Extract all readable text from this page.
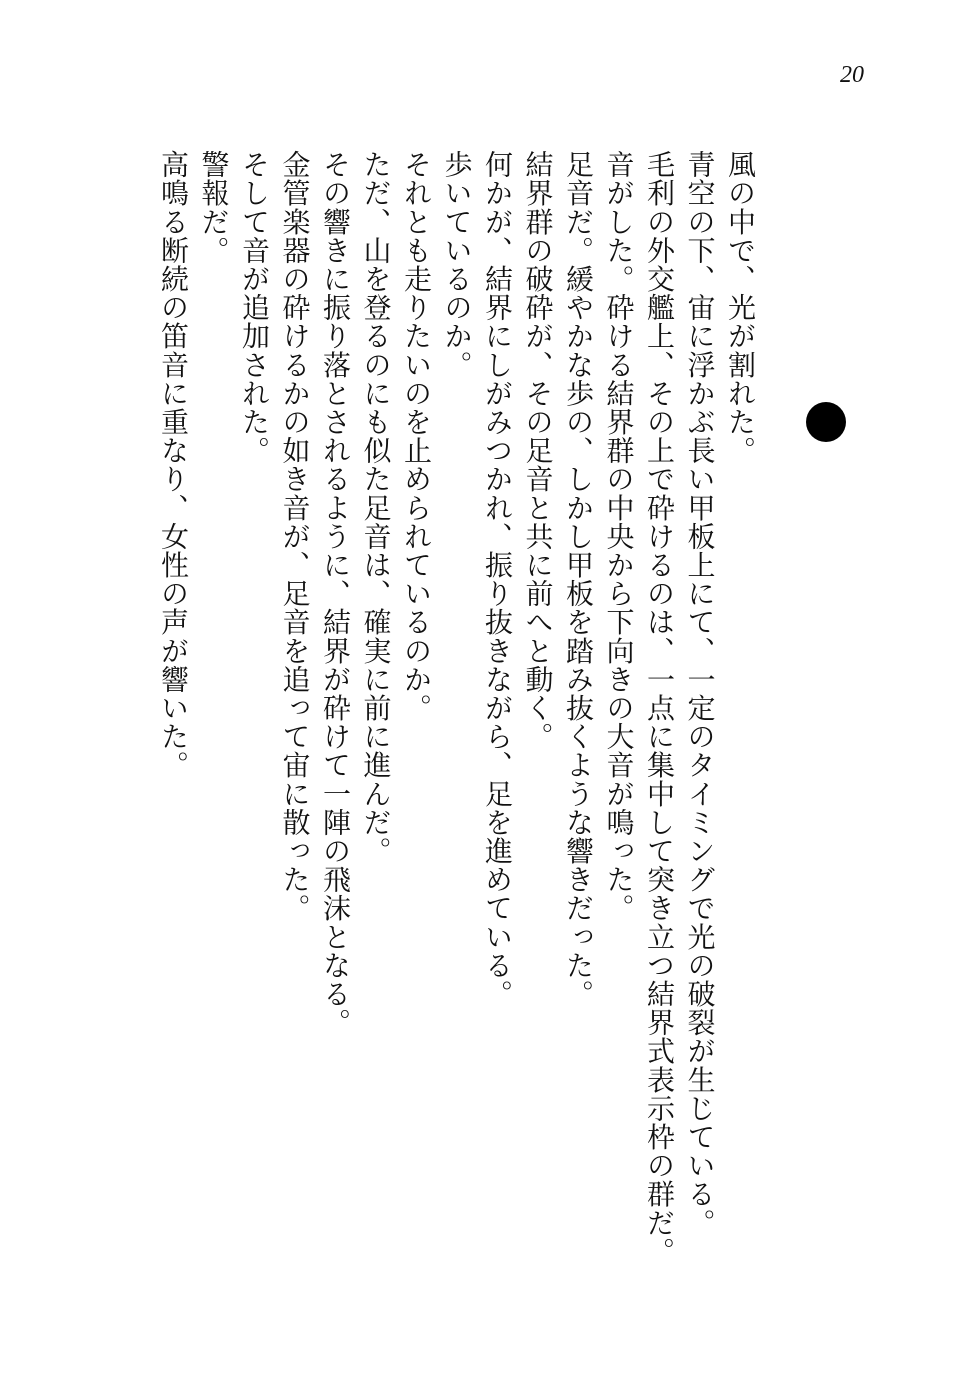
20

風の中で、光が割れた。

青空の下、宙に浮かぶ長い甲板上にて、一定のタイミングで光の破裂が生じている。

毛利の外交艦上、その上で砕けるのは、一点に集中して突き立つ結界式表示枠の群だ。

音がした。砕ける結界群の中央から下向きの大音が鳴った。

足音だ。緩やかな歩の、しかし甲板を踏み抜くような響きだった。

結界群の破砕が、その足音と共に前へと動く。

何かが、結界にしがみつかれ、振り抜きながら、足を進めている。

歩いているのか。

それとも走りたいのを止められているのか。

ただ、山を登るのにも似た足音は、確実に前に進んだ。

その響きに振り落とされるように、結界が砕けて一陣の飛沫となる。

金管楽器の砕けるかの如き音が、足音を追って宙に散った。

そして音が追加された。

警報だ。

高鳴る断続の笛音に重なり、女性の声が響いた。
